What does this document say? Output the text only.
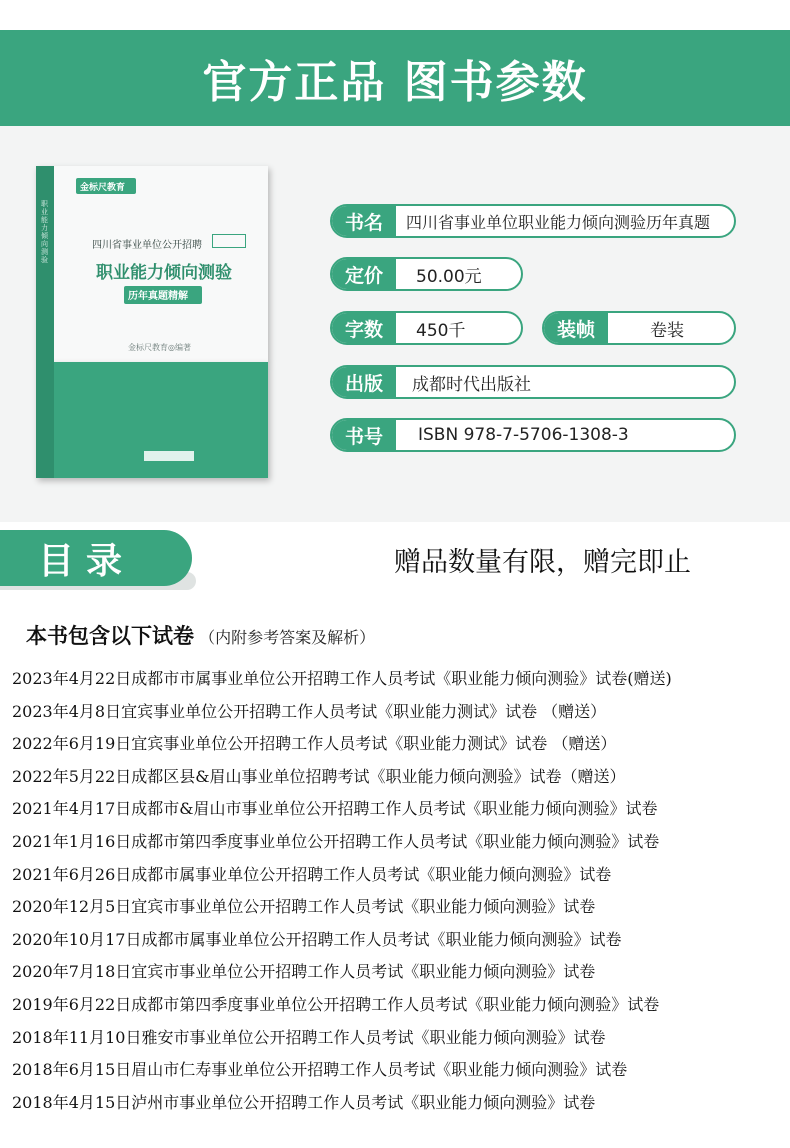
官方正品 图书参数
职业能力倾向测验
金标尺教育
四川省事业单位公开招聘
职业能力倾向测验
历年真题精解
金标尺教育◎编著
书名	四川省事业单位职业能力倾向测验历年真题
定价	50.00元
字数	450千	装帧	卷装
出版	成都时代出版社
书号	ISBN 978-7-5706-1308-3
目录	赠品数量有限，赠完即止
本书包含以下试卷 （内附参考答案及解析）
2023年4月22日成都市市属事业单位公开招聘工作人员考试《职业能力倾向测验》试卷(赠送)
2023年4月8日宜宾事业单位公开招聘工作人员考试《职业能力测试》试卷 （赠送）
2022年6月19日宜宾事业单位公开招聘工作人员考试《职业能力测试》试卷 （赠送）
2022年5月22日成都区县&眉山事业单位招聘考试《职业能力倾向测验》试卷（赠送）
2021年4月17日成都市&眉山市事业单位公开招聘工作人员考试《职业能力倾向测验》试卷
2021年1月16日成都市第四季度事业单位公开招聘工作人员考试《职业能力倾向测验》试卷
2021年6月26日成都市属事业单位公开招聘工作人员考试《职业能力倾向测验》试卷
2020年12月5日宜宾市事业单位公开招聘工作人员考试《职业能力倾向测验》试卷
2020年10月17日成都市属事业单位公开招聘工作人员考试《职业能力倾向测验》试卷
2020年7月18日宜宾市事业单位公开招聘工作人员考试《职业能力倾向测验》试卷
2019年6月22日成都市第四季度事业单位公开招聘工作人员考试《职业能力倾向测验》试卷
2018年11月10日雅安市事业单位公开招聘工作人员考试《职业能力倾向测验》试卷
2018年6月15日眉山市仁寿事业单位公开招聘工作人员考试《职业能力倾向测验》试卷
2018年4月15日泸州市事业单位公开招聘工作人员考试《职业能力倾向测验》试卷
